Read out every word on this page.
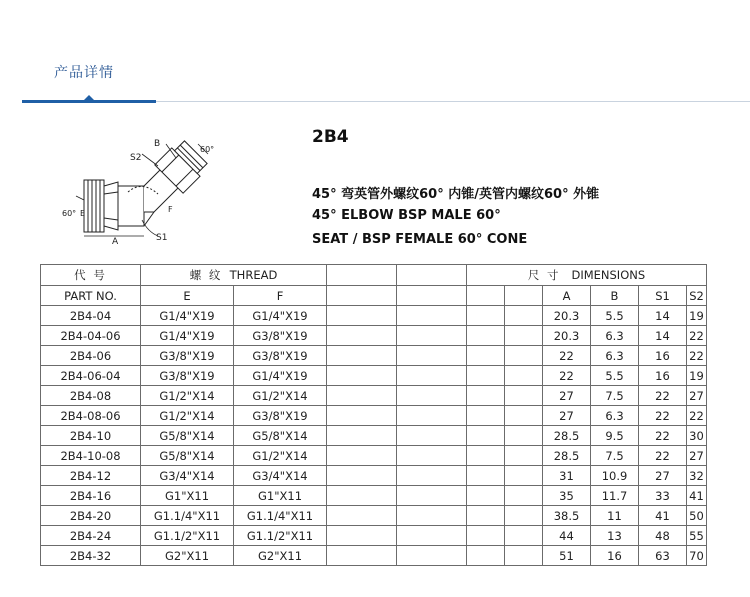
产品详情
B
S2
60°
60° E	F
A	S1
2B4
45° 弯英管外螺纹60° 内锥/英管内螺纹60° 外锥
45° ELBOW BSP MALE 60°
SEAT / BSP FEMALE 60° CONE
代 号	螺 纹 THREAD				尺 寸 DIMENSIONS					
PART NO.	E	F					A	B	S1	S2
2B4-04	G1/4"X19	G1/4"X19					20.3	5.5	14	19
2B4-04-06	G1/4"X19	G3/8"X19					20.3	6.3	14	22
2B4-06	G3/8"X19	G3/8"X19					22	6.3	16	22
2B4-06-04	G3/8"X19	G1/4"X19					22	5.5	16	19
2B4-08	G1/2"X14	G1/2"X14					27	7.5	22	27
2B4-08-06	G1/2"X14	G3/8"X19					27	6.3	22	22
2B4-10	G5/8"X14	G5/8"X14					28.5	9.5	22	30
2B4-10-08	G5/8"X14	G1/2"X14					28.5	7.5	22	27
2B4-12	G3/4"X14	G3/4"X14					31	10.9	27	32
2B4-16	G1"X11	G1"X11					35	11.7	33	41
2B4-20	G1.1/4"X11	G1.1/4"X11					38.5	11	41	50
2B4-24	G1.1/2"X11	G1.1/2"X11					44	13	48	55
2B4-32	G2"X11	G2"X11					51	16	63	70
